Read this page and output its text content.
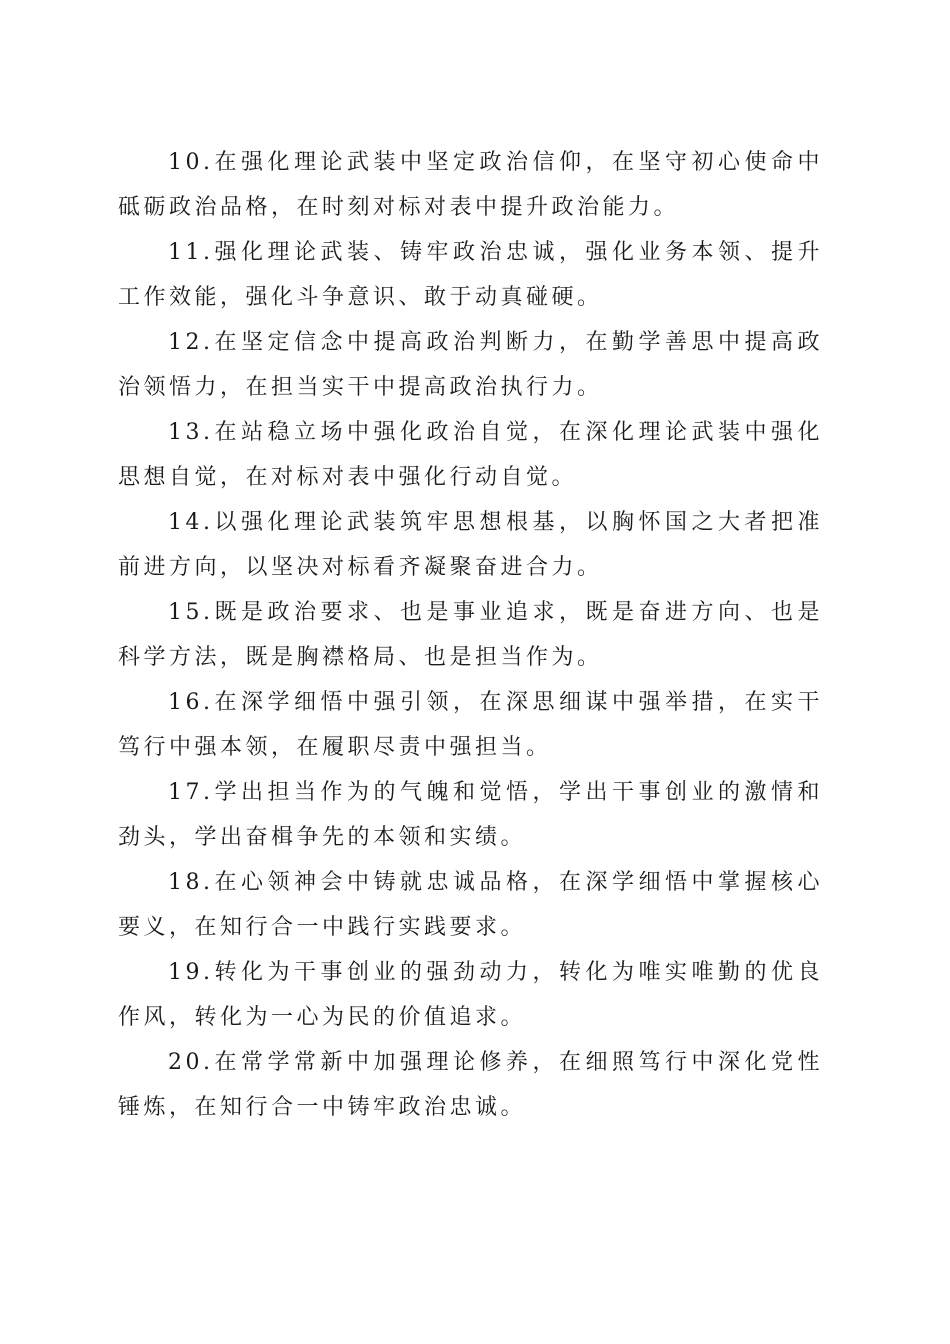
10.在强化理论武装中坚定政治信仰，在坚守初心使命中砥砺政治品格，在时刻对标对表中提升政治能力。

11.强化理论武装、铸牢政治忠诚，强化业务本领、提升工作效能，强化斗争意识、敢于动真碰硬。

12.在坚定信念中提高政治判断力，在勤学善思中提高政治领悟力，在担当实干中提高政治执行力。

13.在站稳立场中强化政治自觉，在深化理论武装中强化思想自觉，在对标对表中强化行动自觉。

14.以强化理论武装筑牢思想根基，以胸怀国之大者把准前进方向，以坚决对标看齐凝聚奋进合力。

15.既是政治要求、也是事业追求，既是奋进方向、也是科学方法，既是胸襟格局、也是担当作为。

16.在深学细悟中强引领，在深思细谋中强举措，在实干笃行中强本领，在履职尽责中强担当。

17.学出担当作为的气魄和觉悟，学出干事创业的激情和劲头，学出奋楫争先的本领和实绩。

18.在心领神会中铸就忠诚品格，在深学细悟中掌握核心要义，在知行合一中践行实践要求。

19.转化为干事创业的强劲动力，转化为唯实唯勤的优良作风，转化为一心为民的价值追求。

20.在常学常新中加强理论修养，在细照笃行中深化党性锤炼，在知行合一中铸牢政治忠诚。
